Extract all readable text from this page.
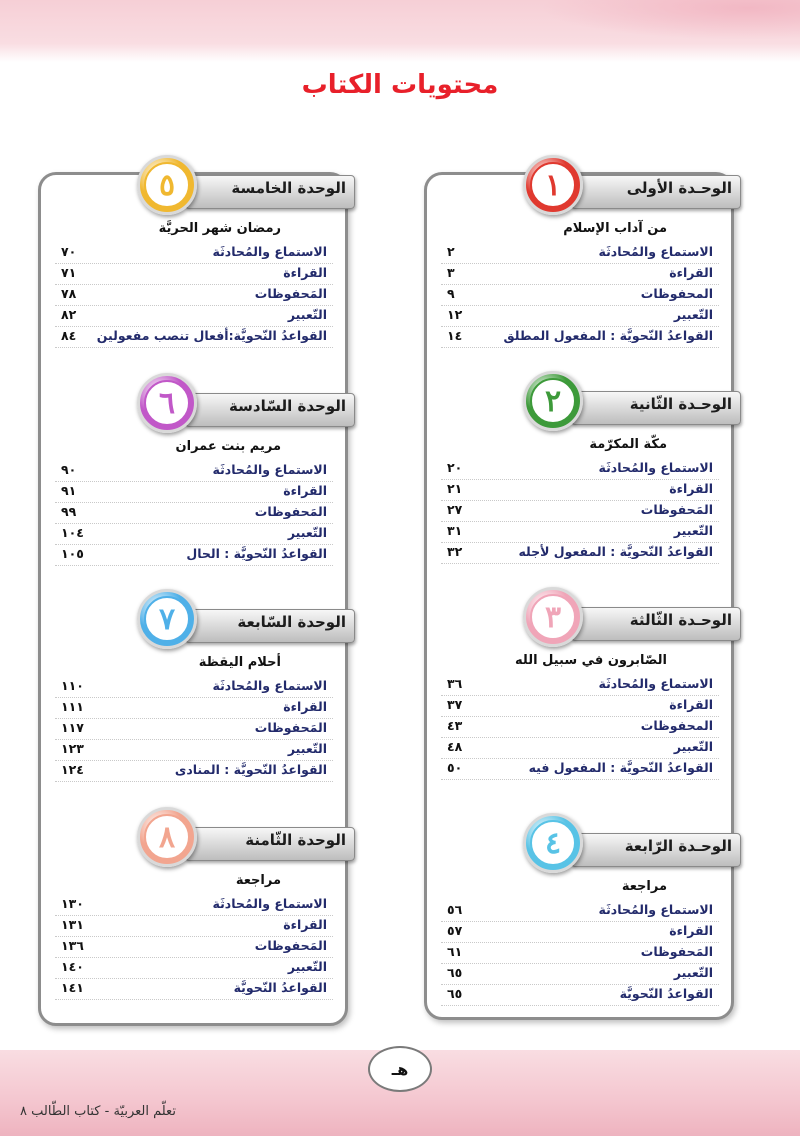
محتويات الكتاب
الوحـدة الأولى
١
من آداب الإسلام
الاستماع والمُحادثَة
٢
القراءة
٣
المحفوظات
٩
التّعبير
١٢
القواعدُ النّحويَّة : المفعول المطلق
١٤
الوحـدة الثّانية
٢
مكّة المكرّمة
الاستماع والمُحادثَة
٢٠
القراءة
٢١
المَحفوظات
٢٧
التّعبير
٣١
القواعدُ النّحويَّة : المفعول لأجله
٣٢
الوحـدة الثّالثة
٣
الصّابرون في سبيل الله
الاستماع والمُحادثَة
٣٦
القراءة
٣٧
المحفوظات
٤٣
التّعبير
٤٨
القواعدُ النّحويَّة : المفعول فيه
٥٠
الوحـدة الرّابعة
٤
مراجعة
الاستماع والمُحادثَة
٥٦
القراءة
٥٧
المَحفوظات
٦١
التّعبير
٦٥
القواعدُ النّحويَّة
٦٥
الوحدة الخامسة
٥
رمضان شهر الحريَّة
الاستماع والمُحادثَة
٧٠
القراءة
٧١
المَحفوظات
٧٨
التّعبير
٨٢
القواعدُ النّحويَّة:أفعال تنصب مفعولين
٨٤
الوحدة السّادسة
٦
مريم بنت عمران
الاستماع والمُحادثَة
٩٠
القراءة
٩١
المَحفوظات
٩٩
التّعبير
١٠٤
القواعدُ النّحويَّة : الحال
١٠٥
الوحدة السّابعة
٧
أحلام اليقظة
الاستماع والمُحادثَة
١١٠
القراءة
١١١
المَحفوظات
١١٧
التّعبير
١٢٣
القواعدُ النّحويَّة : المنادى
١٢٤
الوحدة الثّامنة
٨
مراجعة
الاستماع والمُحادثَة
١٣٠
القراءة
١٣١
المَحفوظات
١٣٦
التّعبير
١٤٠
القواعدُ النّحويَّة
١٤١
هـ
تعلّم العربيّة - كتاب الطّالب ٨
